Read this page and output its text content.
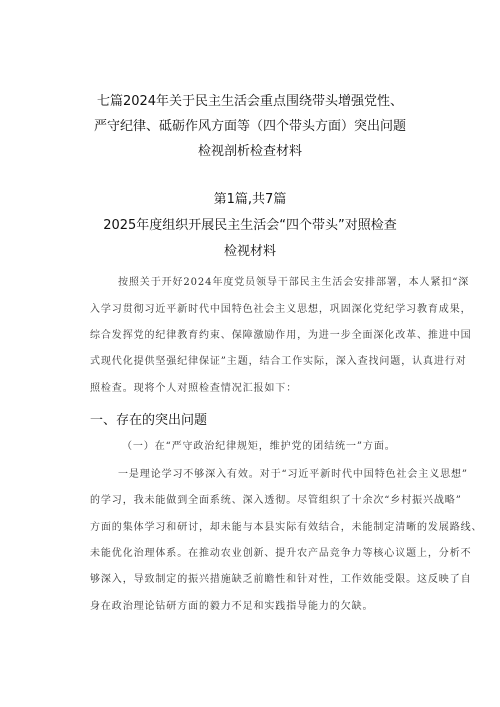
七篇2024年关于民主生活会重点围绕带头增强党性、
严守纪律、砥砺作风方面等（四个带头方面）突出问题
检视剖析检查材料
第1篇,共7篇
2025年度组织开展民主生活会“四个带头”对照检查
检视材料
按照关于开好2024年度党员领导干部民主生活会安排部署，本人紧扣“深
入学习贯彻习近平新时代中国特色社会主义思想，巩固深化党纪学习教育成果，
综合发挥党的纪律教育约束、保障激励作用，为进一步全面深化改革、推进中国
式现代化提供坚强纪律保证”主题，结合工作实际，深入查找问题，认真进行对
照检查。现将个人对照检查情况汇报如下：
一、存在的突出问题
（一）在“严守政治纪律规矩，维护党的团结统一”方面。
一是理论学习不够深入有效。对于“习近平新时代中国特色社会主义思想”
的学习，我未能做到全面系统、深入透彻。尽管组织了十余次“乡村振兴战略”
方面的集体学习和研讨，却未能与本县实际有效结合，未能制定清晰的发展路线、
未能优化治理体系。在推动农业创新、提升农产品竞争力等核心议题上，分析不
够深入，导致制定的振兴措施缺乏前瞻性和针对性，工作效能受限。这反映了自
身在政治理论钻研方面的毅力不足和实践指导能力的欠缺。
